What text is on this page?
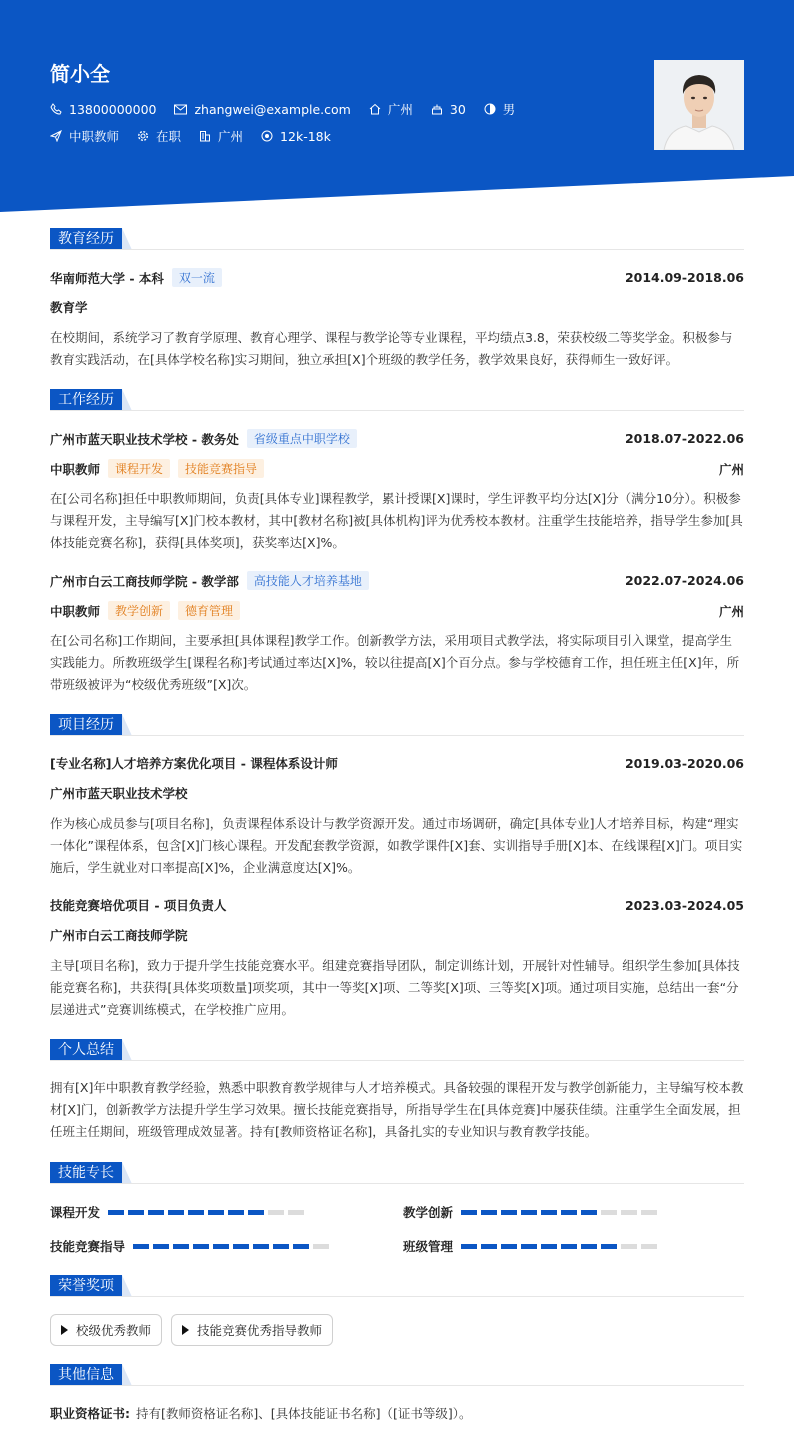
简小全
13800000000	zhangwei@example.com	广州	30	男
中职教师	在职	广州	12k-18k
教育经历
华南师范大学 - 本科	双一流	2014.09-2018.06
教育学
在校期间，系统学习了教育学原理、教育心理学、课程与教学论等专业课程，平均绩点3.8，荣获校级二等奖学金。积极参与教育实践活动，在[具体学校名称]实习期间，独立承担[X]个班级的教学任务，教学效果良好，获得师生一致好评。
工作经历
广州市蓝天职业技术学校 - 教务处	省级重点中职学校	2018.07-2022.06
中职教师	课程开发	技能竞赛指导	广州
在[公司名称]担任中职教师期间，负责[具体专业]课程教学，累计授课[X]课时，学生评教平均分达[X]分（满分10分）。积极参与课程开发，主导编写[X]门校本教材，其中[教材名称]被[具体机构]评为优秀校本教材。注重学生技能培养，指导学生参加[具体技能竞赛名称]，获得[具体奖项]，获奖率达[X]%。
广州市白云工商技师学院 - 教学部	高技能人才培养基地	2022.07-2024.06
中职教师	教学创新	德育管理	广州
在[公司名称]工作期间，主要承担[具体课程]教学工作。创新教学方法，采用项目式教学法，将实际项目引入课堂，提高学生实践能力。所教班级学生[课程名称]考试通过率达[X]%，较以往提高[X]个百分点。参与学校德育工作，担任班主任[X]年，所带班级被评为“校级优秀班级”[X]次。
项目经历
[专业名称]人才培养方案优化项目 - 课程体系设计师	2019.03-2020.06
广州市蓝天职业技术学校
作为核心成员参与[项目名称]，负责课程体系设计与教学资源开发。通过市场调研，确定[具体专业]人才培养目标，构建“理实一体化”课程体系，包含[X]门核心课程。开发配套教学资源，如教学课件[X]套、实训指导手册[X]本、在线课程[X]门。项目实施后，学生就业对口率提高[X]%，企业满意度达[X]%。
技能竞赛培优项目 - 项目负责人	2023.03-2024.05
广州市白云工商技师学院
主导[项目名称]，致力于提升学生技能竞赛水平。组建竞赛指导团队，制定训练计划，开展针对性辅导。组织学生参加[具体技能竞赛名称]，共获得[具体奖项数量]项奖项，其中一等奖[X]项、二等奖[X]项、三等奖[X]项。通过项目实施，总结出一套“分层递进式”竞赛训练模式，在学校推广应用。
个人总结
拥有[X]年中职教育教学经验，熟悉中职教育教学规律与人才培养模式。具备较强的课程开发与教学创新能力，主导编写校本教材[X]门，创新教学方法提升学生学习效果。擅长技能竞赛指导，所指导学生在[具体竞赛]中屡获佳绩。注重学生全面发展，担任班主任期间，班级管理成效显著。持有[教师资格证名称]，具备扎实的专业知识与教育教学技能。
技能专长
课程开发	教学创新
技能竞赛指导	班级管理
荣誉奖项
校级优秀教师	技能竞赛优秀指导教师
其他信息
职业资格证书: 持有[教师资格证名称]、[具体技能证书名称]（[证书等级]）。
